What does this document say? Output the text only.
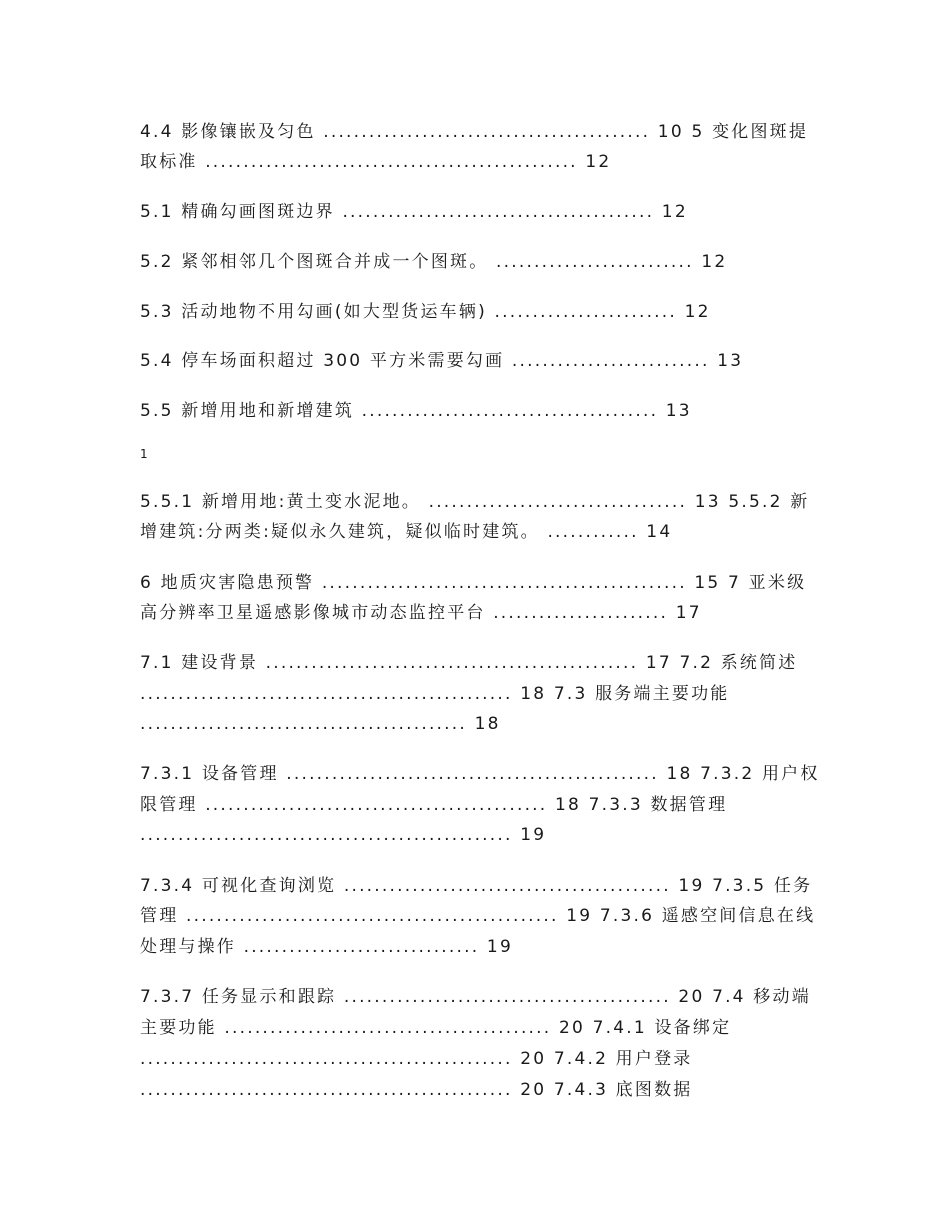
4.4 影像镶嵌及匀色 ........................................... 10 5 变化图斑提
取标准 ................................................. 12
5.1 精确勾画图斑边界 ......................................... 12
5.2 紧邻相邻几个图斑合并成一个图斑。 .......................... 12
5.3 活动地物不用勾画(如大型货运车辆) ........................ 12
5.4 停车场面积超过 300 平方米需要勾画 .......................... 13
5.5 新增用地和新增建筑 ....................................... 13
1
5.5.1 新增用地:黄土变水泥地。 .................................. 13 5.5.2 新
增建筑:分两类:疑似永久建筑，疑似临时建筑。 ............ 14
6 地质灾害隐患预警 ................................................ 15 7 亚米级
高分辨率卫星遥感影像城市动态监控平台 ....................... 17
7.1 建设背景 ................................................. 17 7.2 系统简述
................................................. 18 7.3 服务端主要功能
........................................... 18
7.3.1 设备管理 ................................................. 18 7.3.2 用户权
限管理 ............................................. 18 7.3.3 数据管理
................................................. 19
7.3.4 可视化查询浏览 ........................................... 19 7.3.5 任务
管理 ................................................. 19 7.3.6 遥感空间信息在线
处理与操作 ............................... 19
7.3.7 任务显示和跟踪 ........................................... 20 7.4 移动端
主要功能 ........................................... 20 7.4.1 设备绑定
................................................. 20 7.4.2 用户登录
................................................. 20 7.4.3 底图数据
